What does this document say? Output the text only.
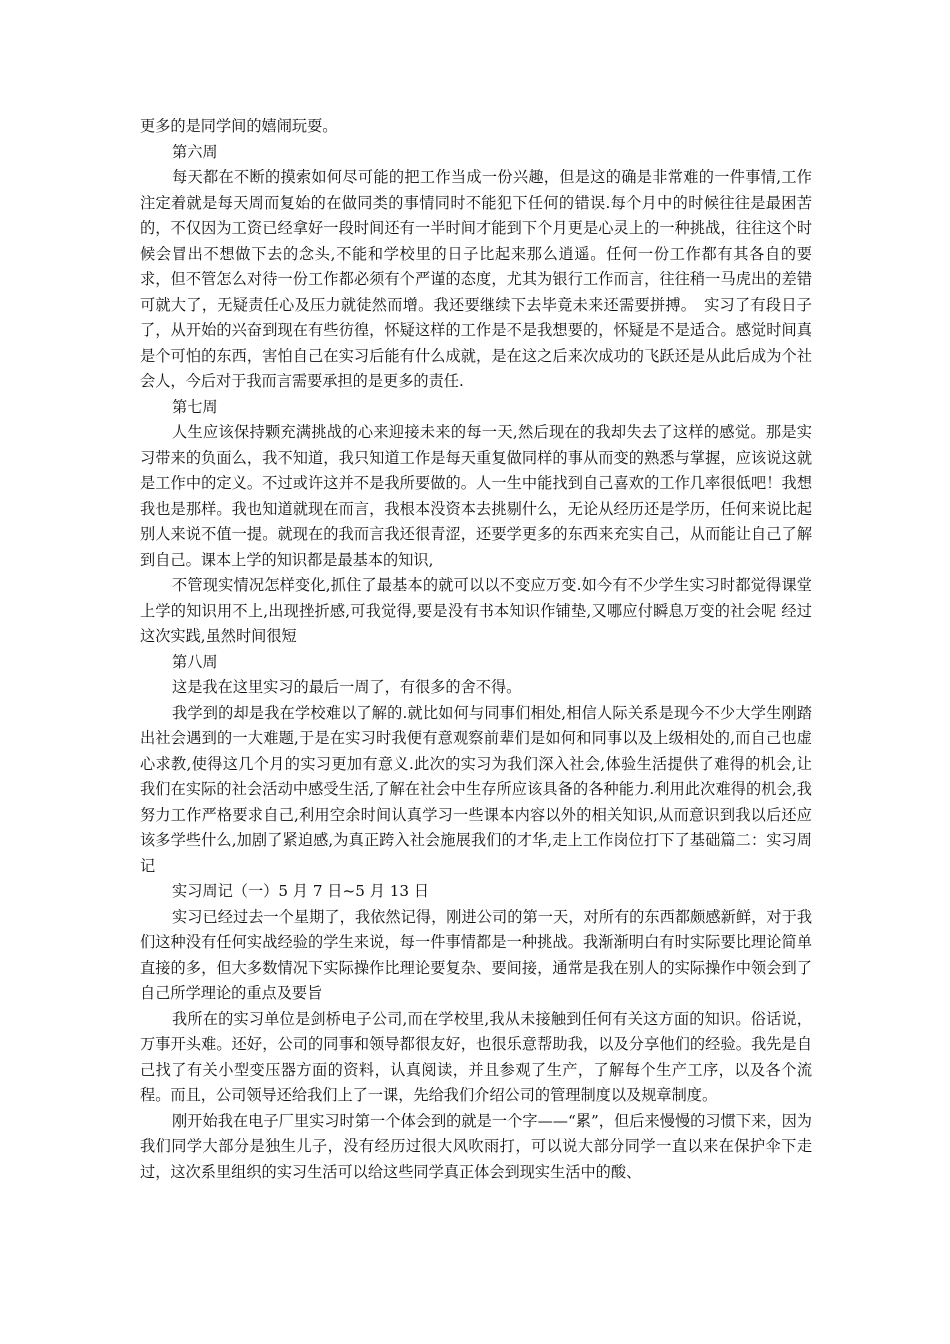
更多的是同学间的嬉闹玩耍。

第六周

每天都在不断的摸索如何尽可能的把工作当成一份兴趣，但是这的确是非常难的一件事情,工作注定着就是每天周而复始的在做同类的事情同时不能犯下任何的错误.每个月中的时候往往是最困苦的，不仅因为工资已经拿好一段时间还有一半时间才能到下个月更是心灵上的一种挑战，往往这个时候会冒出不想做下去的念头,不能和学校里的日子比起来那么逍遥。任何一份工作都有其各自的要求，但不管怎么对待一份工作都必须有个严谨的态度，尤其为银行工作而言，往往稍一马虎出的差错可就大了，无疑责任心及压力就徒然而增。我还要继续下去毕竟未来还需要拼搏。　实习了有段日子了，从开始的兴奋到现在有些彷徨，怀疑这样的工作是不是我想要的，怀疑是不是适合。感觉时间真是个可怕的东西，害怕自己在实习后能有什么成就，是在这之后来次成功的飞跃还是从此后成为个社会人，今后对于我而言需要承担的是更多的责任.

第七周

人生应该保持颗充满挑战的心来迎接未来的每一天,然后现在的我却失去了这样的感觉。那是实习带来的负面么，我不知道，我只知道工作是每天重复做同样的事从而变的熟悉与掌握，应该说这就是工作中的定义。不过或许这并不是我所要做的。人一生中能找到自己喜欢的工作几率很低吧！我想我也是那样。我也知道就现在而言，我根本没资本去挑剔什么，无论从经历还是学历，任何来说比起别人来说不值一提。就现在的我而言我还很青涩，还要学更多的东西来充实自己，从而能让自己了解到自己。课本上学的知识都是最基本的知识,

不管现实情况怎样变化,抓住了最基本的就可以以不变应万变.如今有不少学生实习时都觉得课堂上学的知识用不上,出现挫折感,可我觉得,要是没有书本知识作铺垫,又哪应付瞬息万变的社会呢 经过这次实践,虽然时间很短

第八周

这是我在这里实习的最后一周了，有很多的舍不得。

我学到的却是我在学校难以了解的.就比如何与同事们相处,相信人际关系是现今不少大学生刚踏出社会遇到的一大难题,于是在实习时我便有意观察前辈们是如何和同事以及上级相处的,而自己也虚心求教,使得这几个月的实习更加有意义.此次的实习为我们深入社会,体验生活提供了难得的机会,让我们在实际的社会活动中感受生活,了解在社会中生存所应该具备的各种能力.利用此次难得的机会,我努力工作严格要求自己,利用空余时间认真学习一些课本内容以外的相关知识,从而意识到我以后还应该多学些什么,加剧了紧迫感,为真正跨入社会施展我们的才华,走上工作岗位打下了基础篇二：实习周记

实习周记（一）5 月 7 日~5 月 13 日

实习已经过去一个星期了，我依然记得，刚进公司的第一天，对所有的东西都颇感新鲜，对于我们这种没有任何实战经验的学生来说，每一件事情都是一种挑战。我渐渐明白有时实际要比理论简单直接的多，但大多数情况下实际操作比理论要复杂、要间接，通常是我在别人的实际操作中领会到了自己所学理论的重点及要旨

我所在的实习单位是剑桥电子公司,而在学校里,我从未接触到任何有关这方面的知识。俗话说，万事开头难。还好，公司的同事和领导都很友好，也很乐意帮助我，以及分享他们的经验。我先是自己找了有关小型变压器方面的资料，认真阅读，并且参观了生产，了解每个生产工序，以及各个流程。而且，公司领导还给我们上了一课，先给我们介绍公司的管理制度以及规章制度。

刚开始我在电子厂里实习时第一个体会到的就是一个字——“累”，但后来慢慢的习惯下来，因为我们同学大部分是独生儿子，没有经历过很大风吹雨打，可以说大部分同学一直以来在保护伞下走过，这次系里组织的实习生活可以给这些同学真正体会到现实生活中的酸、
